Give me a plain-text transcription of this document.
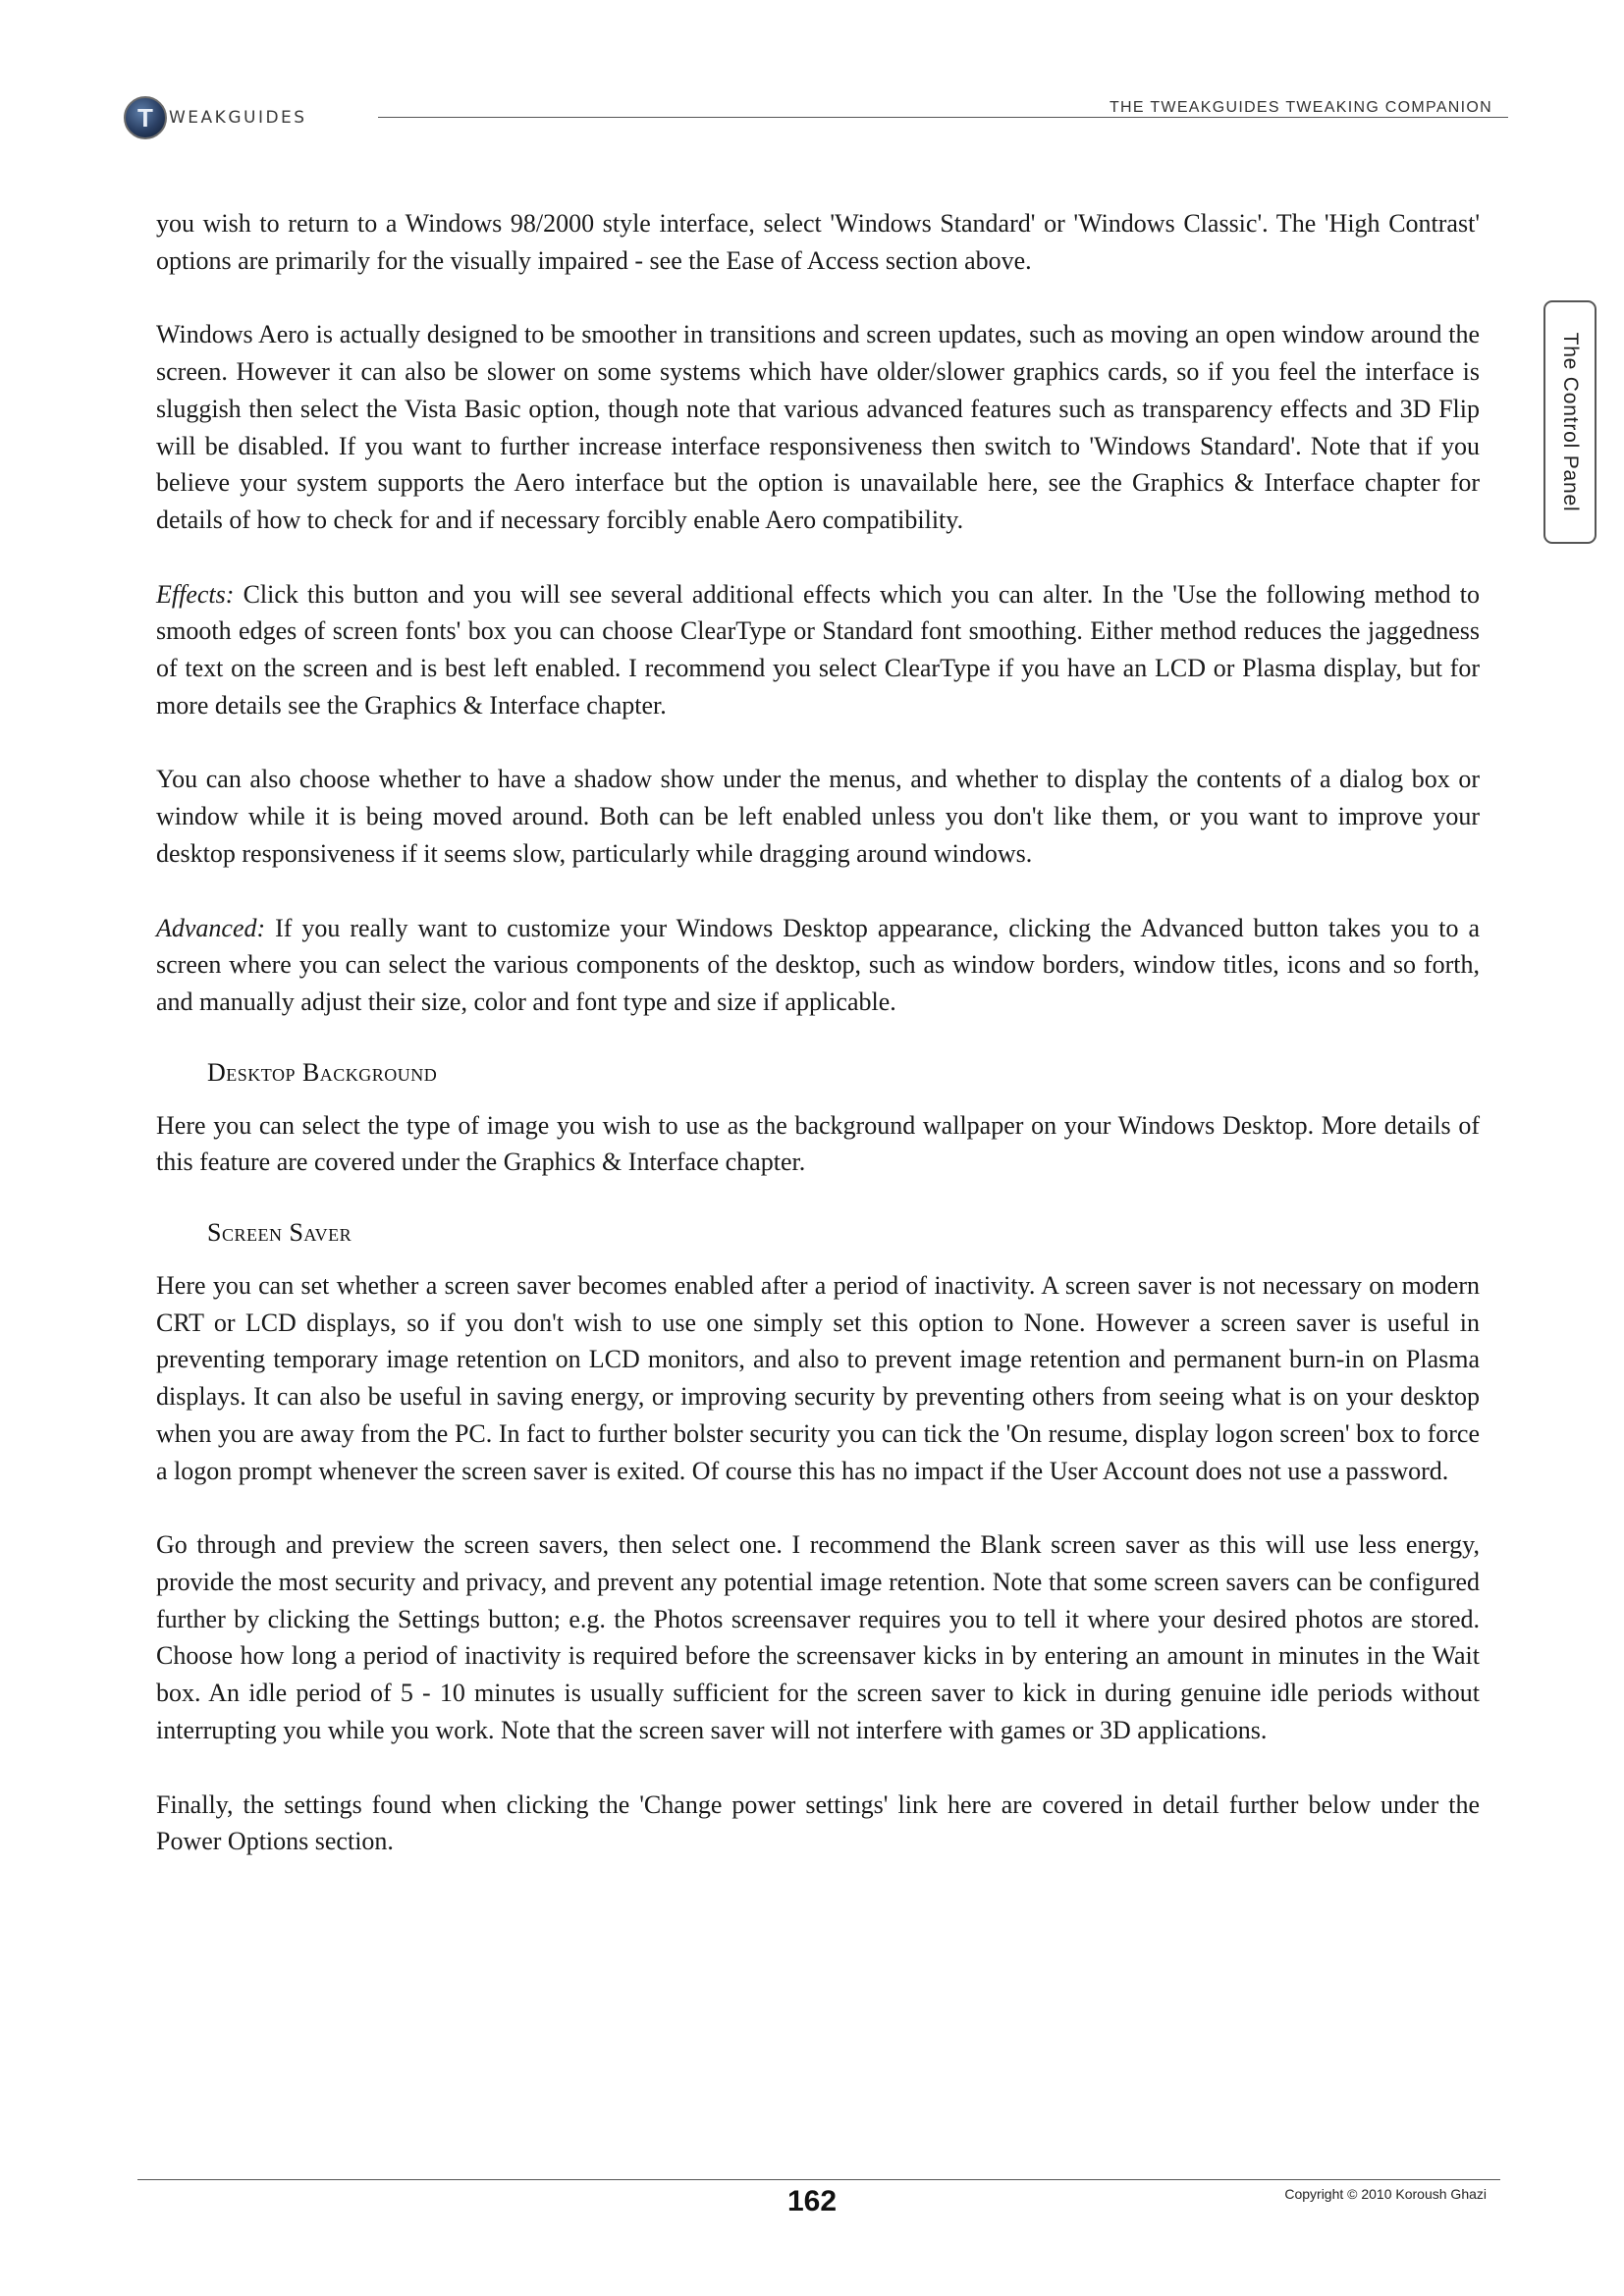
T WEAKGUIDES
THE TWEAKGUIDES TWEAKING COMPANION
The Control Panel

you wish to return to a Windows 98/2000 style interface, select 'Windows Standard' or 'Windows Classic'. The 'High Contrast' options are primarily for the visually impaired - see the Ease of Access section above.

Windows Aero is actually designed to be smoother in transitions and screen updates, such as moving an open window around the screen. However it can also be slower on some systems which have older/slower graphics cards, so if you feel the interface is sluggish then select the Vista Basic option, though note that various advanced features such as transparency effects and 3D Flip will be disabled. If you want to further increase interface responsiveness then switch to 'Windows Standard'. Note that if you believe your system supports the Aero interface but the option is unavailable here, see the Graphics & Interface chapter for details of how to check for and if necessary forcibly enable Aero compatibility.

Effects: Click this button and you will see several additional effects which you can alter. In the 'Use the following method to smooth edges of screen fonts' box you can choose ClearType or Standard font smoothing. Either method reduces the jaggedness of text on the screen and is best left enabled. I recommend you select ClearType if you have an LCD or Plasma display, but for more details see the Graphics & Interface chapter.

You can also choose whether to have a shadow show under the menus, and whether to display the contents of a dialog box or window while it is being moved around. Both can be left enabled unless you don't like them, or you want to improve your desktop responsiveness if it seems slow, particularly while dragging around windows.

Advanced: If you really want to customize your Windows Desktop appearance, clicking the Advanced button takes you to a screen where you can select the various components of the desktop, such as window borders, window titles, icons and so forth, and manually adjust their size, color and font type and size if applicable.

Desktop Background

Here you can select the type of image you wish to use as the background wallpaper on your Windows Desktop. More details of this feature are covered under the Graphics & Interface chapter.

Screen Saver

Here you can set whether a screen saver becomes enabled after a period of inactivity. A screen saver is not necessary on modern CRT or LCD displays, so if you don't wish to use one simply set this option to None. However a screen saver is useful in preventing temporary image retention on LCD monitors, and also to prevent image retention and permanent burn-in on Plasma displays. It can also be useful in saving energy, or improving security by preventing others from seeing what is on your desktop when you are away from the PC. In fact to further bolster security you can tick the 'On resume, display logon screen' box to force a logon prompt whenever the screen saver is exited. Of course this has no impact if the User Account does not use a password.

Go through and preview the screen savers, then select one. I recommend the Blank screen saver as this will use less energy, provide the most security and privacy, and prevent any potential image retention. Note that some screen savers can be configured further by clicking the Settings button; e.g. the Photos screensaver requires you to tell it where your desired photos are stored. Choose how long a period of inactivity is required before the screensaver kicks in by entering an amount in minutes in the Wait box. An idle period of 5 - 10 minutes is usually sufficient for the screen saver to kick in during genuine idle periods without interrupting you while you work. Note that the screen saver will not interfere with games or 3D applications.

Finally, the settings found when clicking the 'Change power settings' link here are covered in detail further below under the Power Options section.

162	Copyright © 2010 Koroush Ghazi
